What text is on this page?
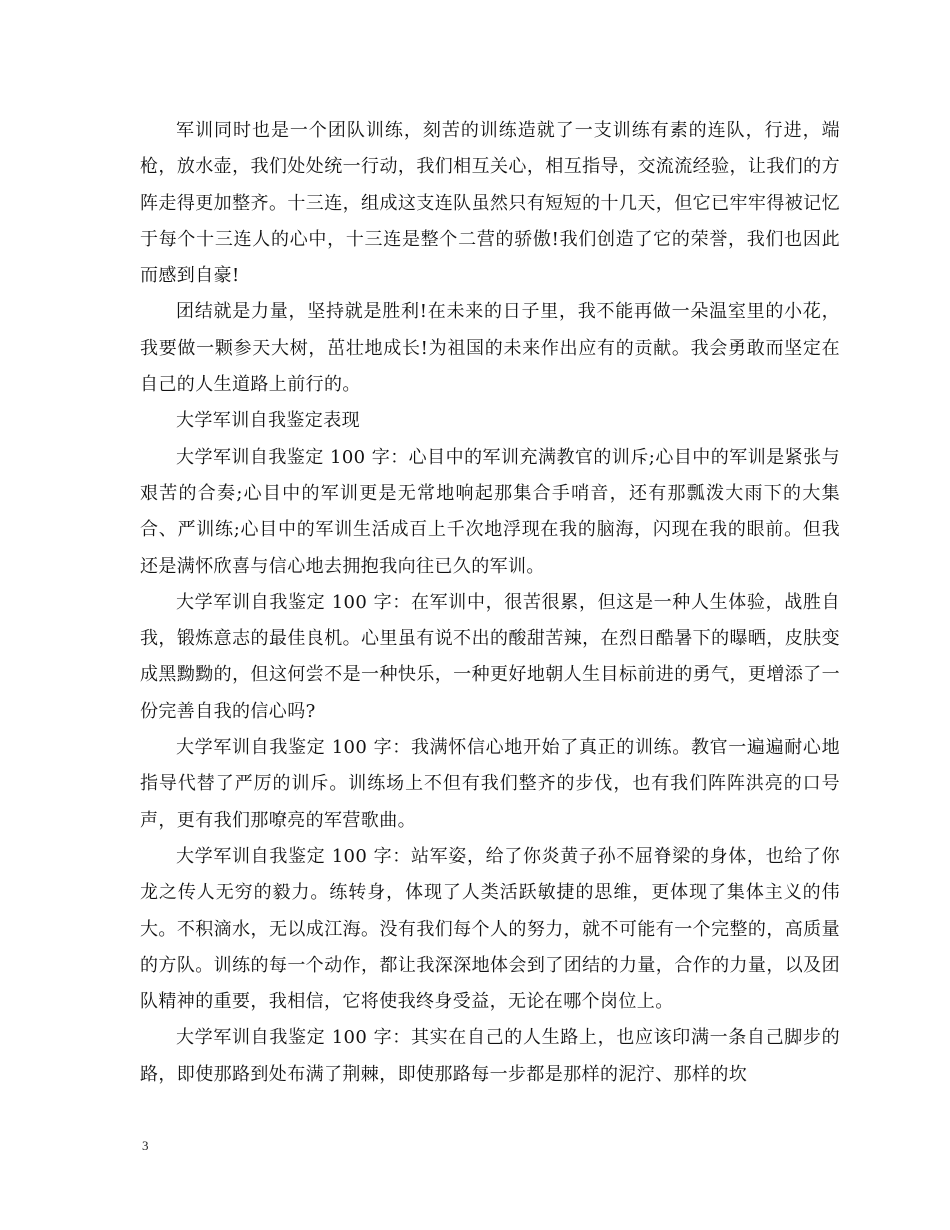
军训同时也是一个团队训练，刻苦的训练造就了一支训练有素的连队，行进，端枪，放水壶，我们处处统一行动，我们相互关心，相互指导，交流流经验，让我们的方阵走得更加整齐。十三连，组成这支连队虽然只有短短的十几天，但它已牢牢得被记忆于每个十三连人的心中，十三连是整个二营的骄傲!我们创造了它的荣誉，我们也因此而感到自豪!

团结就是力量，坚持就是胜利!在未来的日子里，我不能再做一朵温室里的小花，我要做一颗参天大树，茁壮地成长!为祖国的未来作出应有的贡献。我会勇敢而坚定在自己的人生道路上前行的。

大学军训自我鉴定表现

大学军训自我鉴定 100 字：心目中的军训充满教官的训斥;心目中的军训是紧张与艰苦的合奏;心目中的军训更是无常地响起那集合手哨音，还有那瓢泼大雨下的大集合、严训练;心目中的军训生活成百上千次地浮现在我的脑海，闪现在我的眼前。但我还是满怀欣喜与信心地去拥抱我向往已久的军训。

大学军训自我鉴定 100 字：在军训中，很苦很累，但这是一种人生体验，战胜自我，锻炼意志的最佳良机。心里虽有说不出的酸甜苦辣，在烈日酷暑下的曝晒，皮肤变成黑黝黝的，但这何尝不是一种快乐，一种更好地朝人生目标前进的勇气，更增添了一份完善自我的信心吗?

大学军训自我鉴定 100 字：我满怀信心地开始了真正的训练。教官一遍遍耐心地指导代替了严厉的训斥。训练场上不但有我们整齐的步伐，也有我们阵阵洪亮的口号声，更有我们那嘹亮的军营歌曲。

大学军训自我鉴定 100 字：站军姿，给了你炎黄子孙不屈脊梁的身体，也给了你龙之传人无穷的毅力。练转身，体现了人类活跃敏捷的思维，更体现了集体主义的伟大。不积滴水，无以成江海。没有我们每个人的努力，就不可能有一个完整的，高质量的方队。训练的每一个动作，都让我深深地体会到了团结的力量，合作的力量，以及团队精神的重要，我相信，它将使我终身受益，无论在哪个岗位上。

大学军训自我鉴定 100 字：其实在自己的人生路上，也应该印满一条自己脚步的路，即使那路到处布满了荆棘，即使那路每一步都是那样的泥泞、那样的坎

3
